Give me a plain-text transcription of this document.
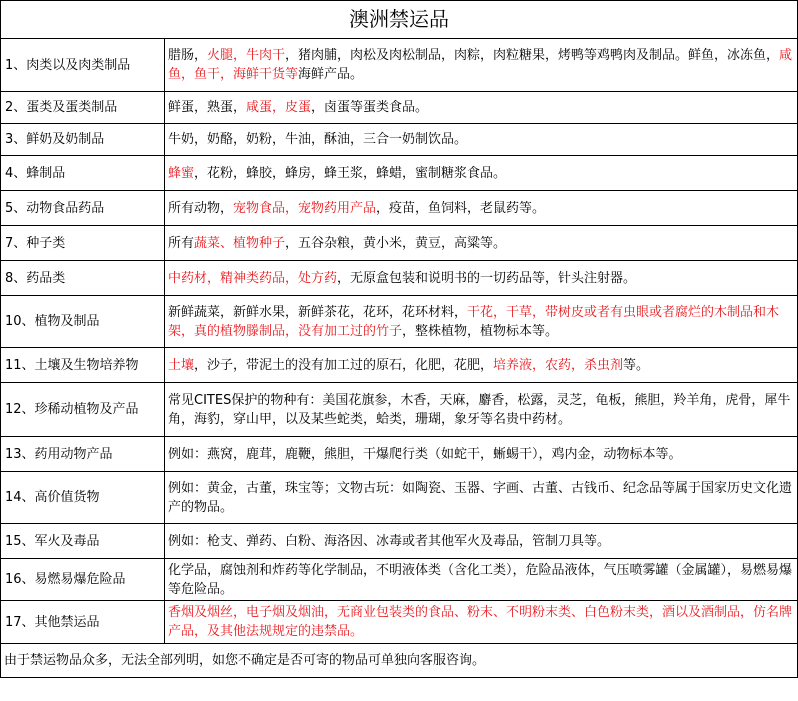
澳洲禁运品	
1、肉类以及肉类制品	腊肠，火腿，牛肉干，猪肉脯，肉松及肉松制品，肉粽，肉粒糖果，烤鸭等鸡鸭肉及制品。鲜鱼，冰冻鱼，咸鱼，鱼干，海鲜干货等海鲜产品。
2、蛋类及蛋类制品	鲜蛋，熟蛋，咸蛋，皮蛋，卤蛋等蛋类食品。
3、鲜奶及奶制品	牛奶，奶酪，奶粉，牛油，酥油，三合一奶制饮品。
4、蜂制品	蜂蜜，花粉，蜂胶，蜂房，蜂王浆，蜂蜡，蜜制糖浆食品。
5、动物食品药品	所有动物，宠物食品，宠物药用产品，疫苗，鱼饲料，老鼠药等。
7、种子类	所有蔬菜、植物种子，五谷杂粮，黄小米，黄豆，高粱等。
8、药品类	中药材，精神类药品，处方药，无原盒包装和说明书的一切药品等，针头注射器。
10、植物及制品	新鲜蔬菜，新鲜水果，新鲜茶花，花环，花环材料，干花，干草，带树皮或者有虫眼或者腐烂的木制品和木架，真的植物滕制品，没有加工过的竹子，整株植物，植物标本等。
11、土壤及生物培养物	土壤，沙子，带泥土的没有加工过的原石，化肥，花肥，培养液，农药，杀虫剂等。
12、珍稀动植物及产品	常见CITES保护的物种有：美国花旗参，木香，天麻，麝香，松露，灵芝，龟板，熊胆，羚羊角，虎骨，犀牛角，海豹，穿山甲，以及某些蛇类，蛤类，珊瑚，象牙等名贵中药材。
13、药用动物产品	例如：燕窝，鹿茸，鹿鞭，熊胆，干爆爬行类（如蛇干，蜥蜴干），鸡内金，动物标本等。
14、高价值货物	例如：黄金，古董，珠宝等；文物古玩：如陶瓷、玉器、字画、古董、古钱币、纪念品等属于国家历史文化遗产的物品。
15、军火及毒品	例如：枪支、弹药、白粉、海洛因、冰毒或者其他军火及毒品，管制刀具等。
16、易燃易爆危险品	化学品，腐蚀剂和炸药等化学制品，不明液体类（含化工类），危险品液体，气压喷雾罐（金属罐），易燃易爆等危险品。
17、其他禁运品	香烟及烟丝，电子烟及烟油，无商业包装类的食品、粉末、不明粉末类、白色粉末类，酒以及酒制品，仿名牌产品，及其他法规规定的违禁品。
由于禁运物品众多，无法全部列明，如您不确定是否可寄的物品可单独向客服咨询。	
